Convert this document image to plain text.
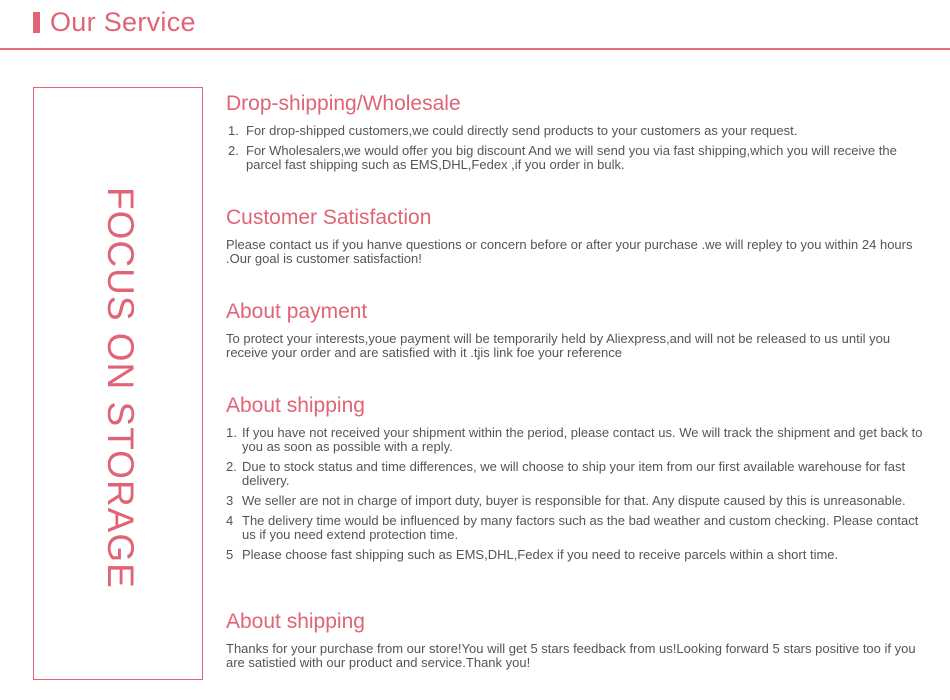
Our Service
FOCUS ON STORAGE
Drop-shipping/Wholesale
1. For drop-shipped customers,we could directly send products to your customers as your request.
2. For Wholesalers,we would offer you big discount And we will send you via fast shipping,which you will receive the parcel fast shipping such as EMS,DHL,Fedex ,if you order in bulk.
Customer Satisfaction
Please contact us if you hanve questions or concern before or after your purchase .we will repley to you within 24 hours .Our goal is customer satisfaction!
About payment
To protect your interests,youe payment will be temporarily held by Aliexpress,and will not be released to us until you receive your order and are satisfied with it .tjis link foe your reference
About shipping
1. If you have not received your shipment within the period, please contact us. We will track the shipment and get back to you as soon as possible with a reply.
2. Due to stock status and time differences, we will choose to ship your item from our first available warehouse for fast delivery.
3 We seller are not in charge of import duty, buyer is responsible for that. Any dispute caused by this is unreasonable.
4 The delivery time would be influenced by many factors such as the bad weather and custom checking. Please contact us if you need extend protection time.
5 Please choose fast shipping such as EMS,DHL,Fedex if you need to receive parcels within a short time.
About shipping
Thanks for your purchase from our store!You will get 5 stars feedback from us!Looking forward 5 stars positive too if you are satistied with our product and service.Thank you!
